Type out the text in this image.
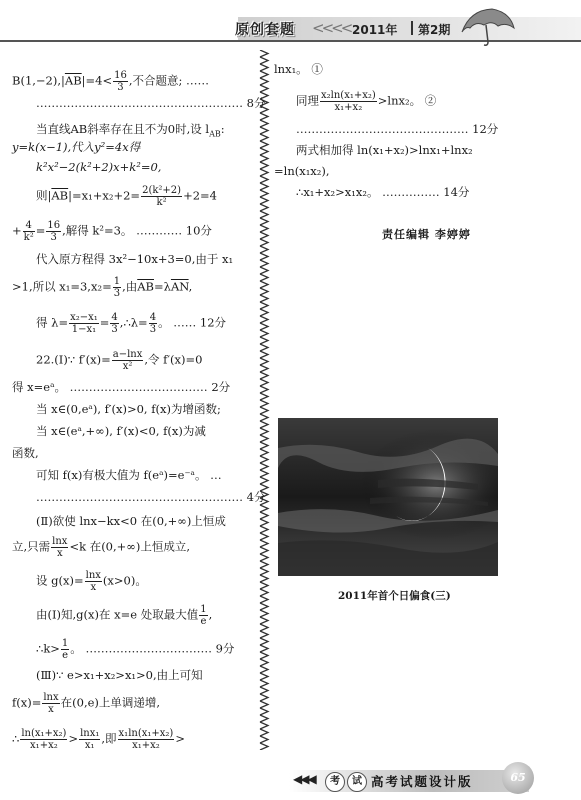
原创套题 <<<< 2011年 第2期
$B(1,-2),|\overline{AB}|=4< \frac{16}{3}$ ,不合题意; ……
……………………………………………… 8分
当直线AB斜率存在且不为0时,设 $l_{AB}$:
y=k(x−1),代入y²=4x得
k²x²−2(k²+2)x+k²=0,
则$|\overline{AB}|=x_1+x_2+2= \frac{\text{2(k²+2)}}{\text{k²}} +2=4$
+ $\frac{4}{\text{k²}} = \frac{16}{3}$ ,解得 k²=3。 ………… 10分
代入原方程得 3x²−10x+3=0,由于 x₁
>1,所以 $x_1=3,x_2= \frac{1}{3}$ ,由$\overline{AB}=\lambda\overline{AN}$,
得 $\lambda= \frac{\text{x₂−x₁}}{\text{1−x₁}} = \frac{4}{3}$ ,∴λ= $\frac{4}{3}$ 。 …… 12分
22.(Ⅰ)∵ $f'(x)= \frac{a-\ln x}{\text{x²}}$ ,令 f′(x)=0
得 x=eᵃ。 ……………………………… 2分
当 x∈(0,eᵃ), f′(x)>0, f(x)为增函数;
当 x∈(eᵃ,+∞), f′(x)<0, f(x)为减
函数,
可知 f(x)有极大值为 f(eᵃ)=e⁻ᵃ。 …
……………………………………………… 4分
(Ⅱ)欲使 lnx−kx<0 在(0,+∞)上恒成
立,只需 $\frac{\ln x}{x} <k$ 在(0,+∞)上恒成立,
设 $g(x)= \frac{\ln x}{x} (x>0)$。
由(Ⅰ)知,g(x)在 x=e 处取最大值 $\frac{1}{e}$ ,
∴k> $\frac{1}{e}$ 。 …………………………… 9分
(Ⅲ)∵ e>x₁+x₂>x₁>0,由上可知
$f(x)= \frac{\ln x}{x}$ 在(0,e)上单调递增,
∴ $\frac{\text{ln(x₁+x₂)}}{\text{x₁+x₂}} > \frac{\text{lnx₁}}{\text{x₁}}$ ,即 $\frac{\text{x₁ln(x₁+x₂)}}{\text{x₁+x₂}}$ >
lnx₁。 ①
同理 $\frac{\text{x₂ln(x₁+x₂)}}{\text{x₁+x₂}} >\ln x_2$。 ②
……………………………………… 12分
两式相加得 ln(x₁+x₂)>lnx₁+lnx₂
=ln(x₁x₂),
∴x₁+x₂>x₁x₂。 …………… 14分
责任编辑 李婷婷
2011年首个日偏食(三)
◀◀◀	考	试 高考试题设计版	65
